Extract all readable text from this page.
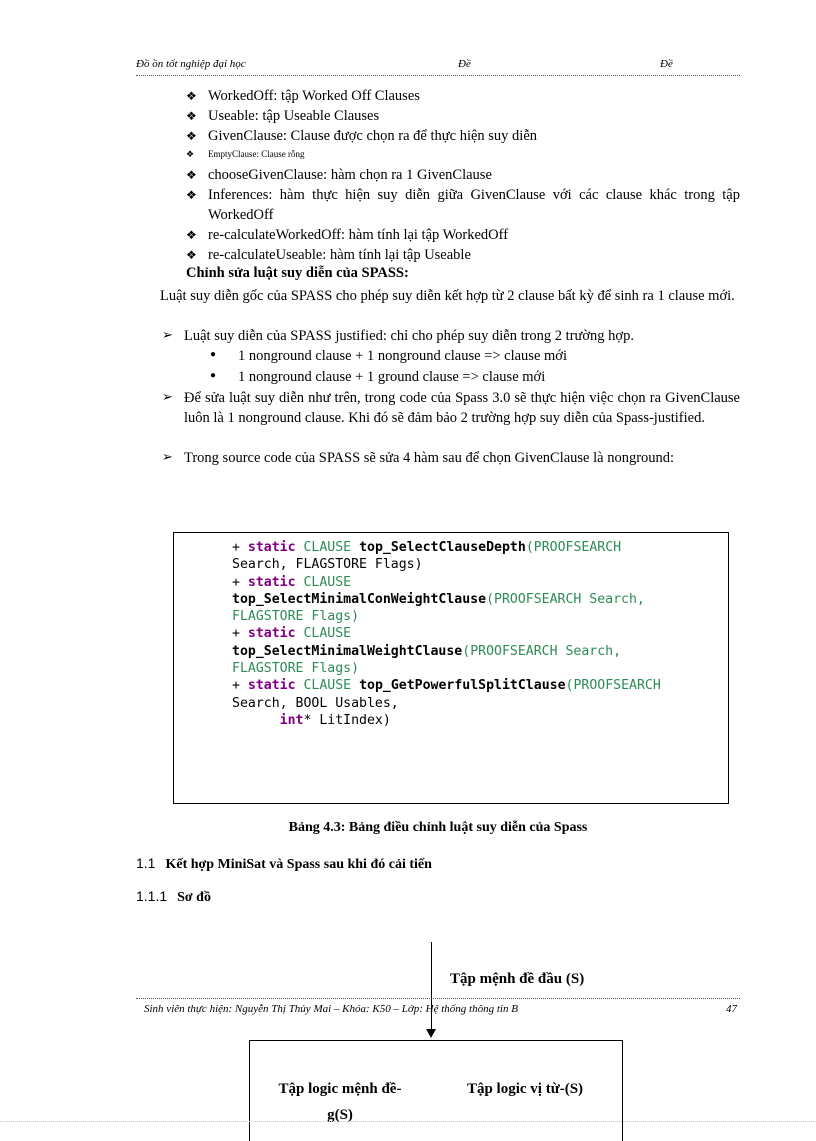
Đồ ồn tốt nghiệp đại học	Đề	Đề
❖ WorkedOff: tập Worked Off Clauses
❖ Useable: tập Useable Clauses
❖ GivenClause: Clause được chọn ra để thực hiện suy diễn
❖ EmptyClause: Clause rỗng
❖ chooseGivenClause: hàm chọn ra 1 GivenClause
❖ Inferences: hàm thực hiện suy diễn giữa GivenClause với các clause khác trong tập WorkedOff
❖ re-calculateWorkedOff: hàm tính lại tập WorkedOff
❖ re-calculateUseable: hàm tính lại tập Useable
Chỉnh sửa luật suy diễn của SPASS:
Luật suy diễn gốc của SPASS cho phép suy diễn kết hợp từ 2 clause bất kỳ để sinh ra 1 clause mới.
➢ Luật suy diễn của SPASS justified: chỉ cho phép suy diễn trong 2 trường hợp.
● 1 nonground clause + 1 nonground clause => clause mới
● 1 nonground clause + 1 ground clause => clause mới
➢ Để sửa luật suy diễn như trên, trong code của Spass 3.0 sẽ thực hiện việc chọn ra GivenClause luôn là 1 nonground clause. Khi đó sẽ đảm bảo 2 trường hợp suy diễn của Spass-justified.
➢ Trong source code của SPASS sẽ sửa 4 hàm sau để chọn GivenClause là nonground:
+ static CLAUSE top_SelectClauseDepth(PROOFSEARCH
Search, FLAGSTORE Flags)
+ static CLAUSE
top_SelectMinimalConWeightClause(PROOFSEARCH Search,
FLAGSTORE Flags)
+ static CLAUSE
top_SelectMinimalWeightClause(PROOFSEARCH Search,
FLAGSTORE Flags)
+ static CLAUSE top_GetPowerfulSplitClause(PROOFSEARCH
Search, BOOL Usables,
int* LitIndex)
Bảng 4.3: Bảng điều chỉnh luật suy diễn của Spass
1.1 Kết hợp MiniSat và Spass sau khi đó cải tiến
1.1.1 Sơ đồ
Tập mệnh đề đầu (S)
Tập logic mệnh đề-g(S)
Tập logic vị từ-(S)
Sinh viên thực hiện: Nguyễn Thị Thủy Mai – Khóa: K50 – Lớp: Hệ thống thông tin B	47
